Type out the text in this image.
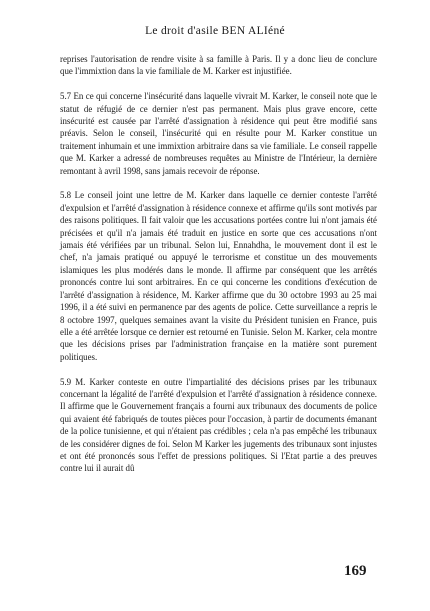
Le droit d'asile BEN ALIéné

reprises l'autorisation de rendre visite à sa famille à Paris. Il y a donc lieu de conclure que l'immixtion dans la vie familiale de M. Karker est injustifiée.

5.7 En ce qui concerne l'insécurité dans laquelle vivrait M. Karker, le conseil note que le statut de réfugié de ce dernier n'est pas permanent. Mais plus grave encore, cette insécurité est causée par l'arrêté d'assignation à résidence qui peut être modifié sans préavis. Selon le conseil, l'insécurité qui en résulte pour M. Karker constitue un traitement inhumain et une immixtion arbitraire dans sa vie familiale. Le conseil rappelle que M. Karker a adressé de nombreuses requêtes au Ministre de l'Intérieur, la dernière remontant à avril 1998, sans jamais recevoir de réponse.

5.8 Le conseil joint une lettre de M. Karker dans laquelle ce dernier conteste l'arrêté d'expulsion et l'arrêté d'assignation à résidence connexe et affirme qu'ils sont motivés par des raisons politiques. Il fait valoir que les accusations portées contre lui n'ont jamais été précisées et qu'il n'a jamais été traduit en justice en sorte que ces accusations n'ont jamais été vérifiées par un tribunal. Selon lui, Ennahdha, le mouvement dont il est le chef, n'a jamais pratiqué ou appuyé le terrorisme et constitue un des mouvements islamiques les plus modérés dans le monde. Il affirme par conséquent que les arrêtés prononcés contre lui sont arbitraires. En ce qui concerne les conditions d'exécution de l'arrêté d'assignation à résidence, M. Karker affirme que du 30 octobre 1993 au 25 mai 1996, il a été suivi en permanence par des agents de police. Cette surveillance a repris le 8 octobre 1997, quelques semaines avant la visite du Président tunisien en France, puis elle a été arrêtée lorsque ce dernier est retourné en Tunisie. Selon M. Karker, cela montre que les décisions prises par l'administration française en la matière sont purement politiques.

5.9 M. Karker conteste en outre l'impartialité des décisions prises par les tribunaux concernant la légalité de l'arrêté d'expulsion et l'arrêté d'assignation à résidence connexe. Il affirme que le Gouvernement français a fourni aux tribunaux des documents de police qui avaient été fabriqués de toutes pièces pour l'occasion, à partir de documents émanant de la police tunisienne, et qui n'étaient pas crédibles ; cela n'a pas empêché les tribunaux de les considérer dignes de foi. Selon M Karker les jugements des tribunaux sont injustes et ont été prononcés sous l'effet de pressions politiques. Si l'Etat partie a des preuves contre lui il aurait dû

169
